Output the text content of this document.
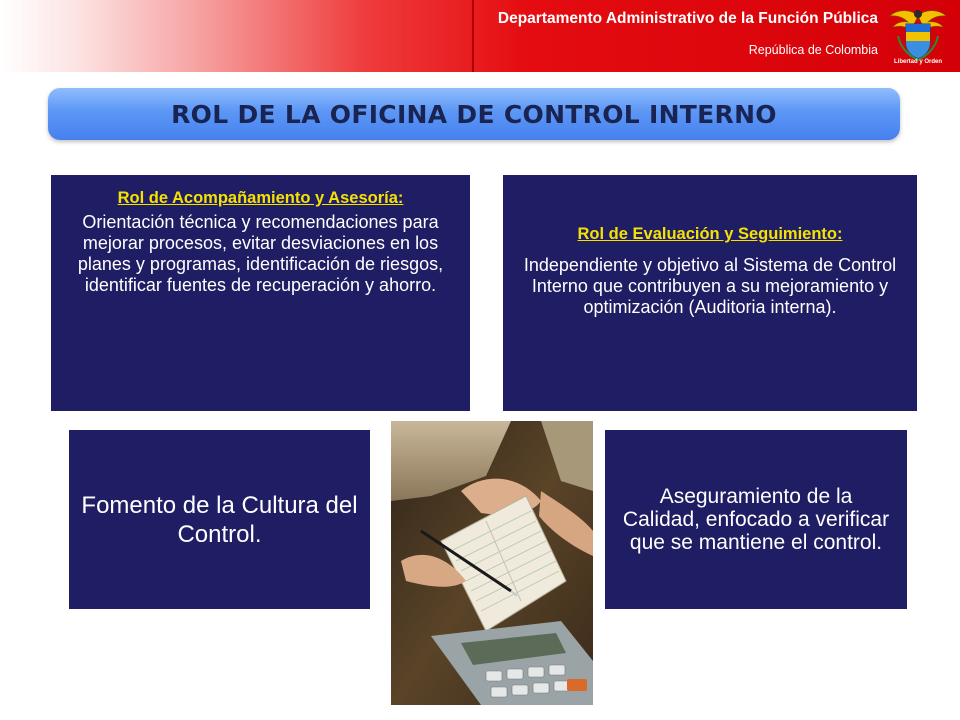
Departamento Administrativo de la Función Pública
República de Colombia
Libertad y Orden
ROL DE LA OFICINA DE CONTROL INTERNO
Rol de Acompañamiento y Asesoría:
Orientación técnica y recomendaciones para mejorar procesos, evitar desviaciones en los planes y programas, identificación de riesgos, identificar fuentes de recuperación y ahorro.
Rol de Evaluación y Seguimiento:
Independiente y objetivo al Sistema de Control Interno que contribuyen a su mejoramiento y optimización (Auditoria interna).
Fomento de la Cultura del Control.
Aseguramiento de la Calidad, enfocado a verificar que se mantiene el control.
